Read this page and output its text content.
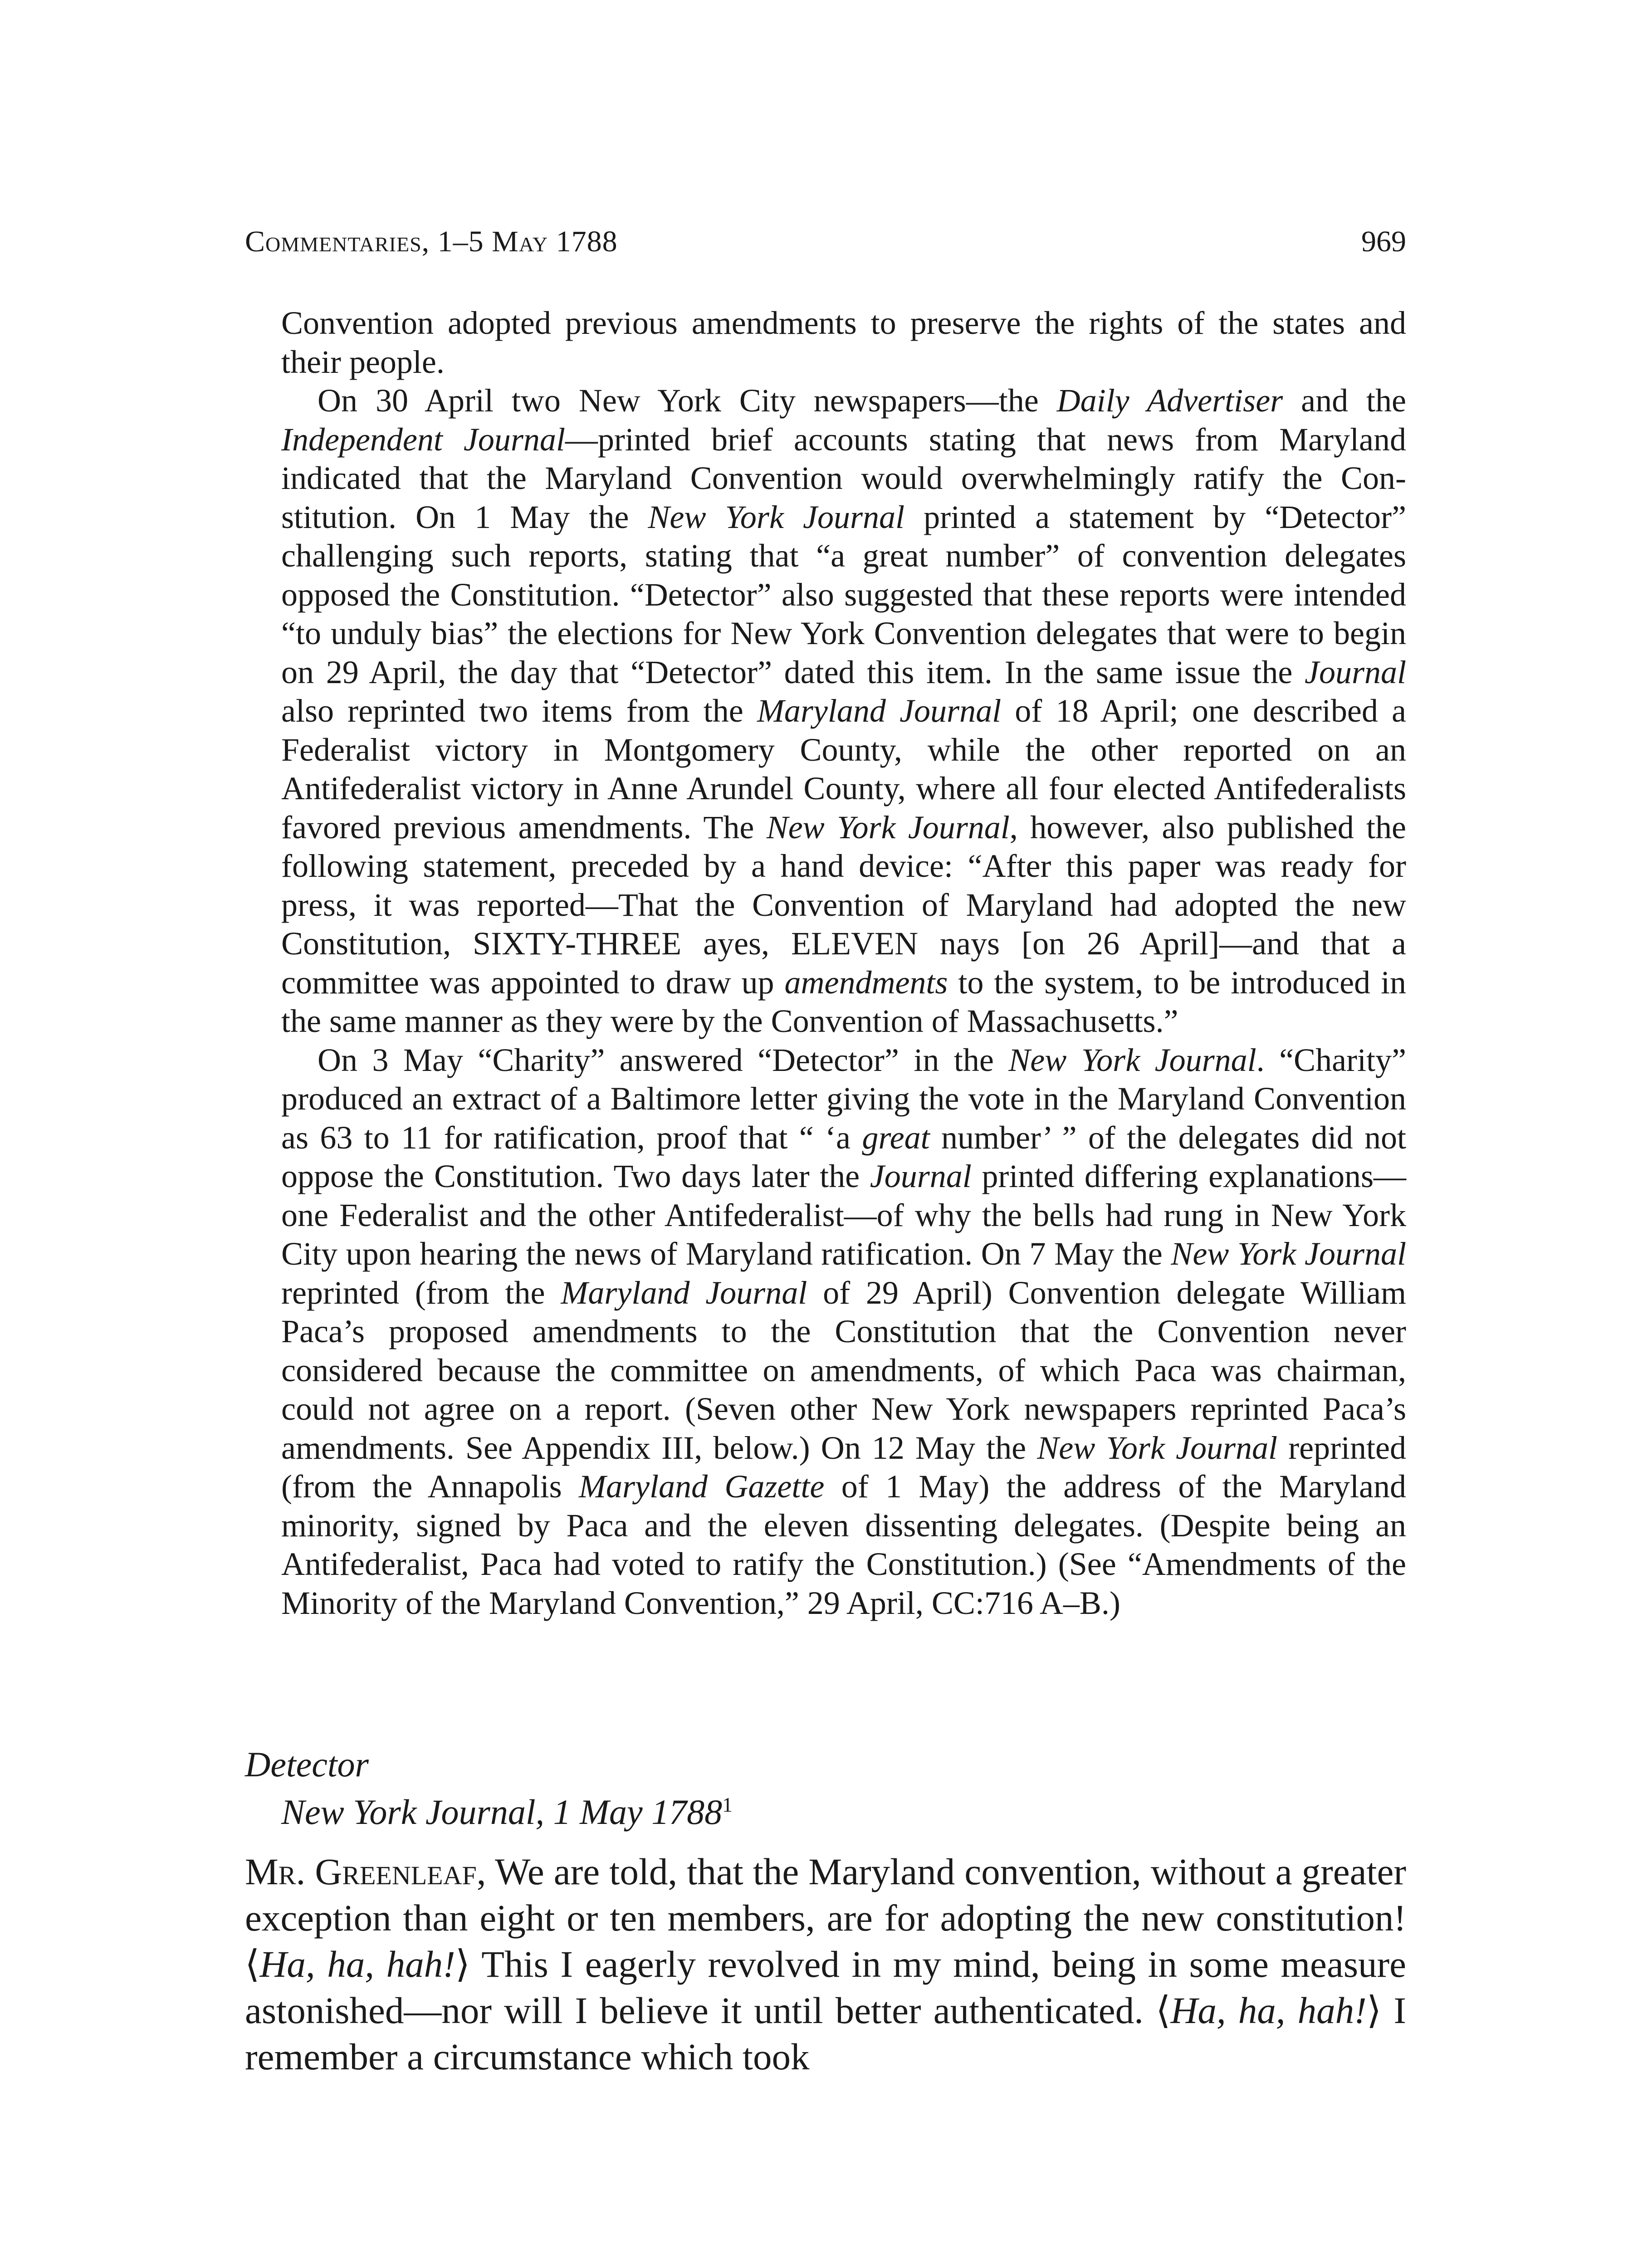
Commentaries, 1–5 May 1788	969

Convention adopted previous amendments to preserve the rights of the states and their people.

On 30 April two New York City newspapers—the Daily Advertiser and the Independent Journal—printed brief accounts stating that news from Maryland indicated that the Maryland Convention would overwhelmingly ratify the Constitution. On 1 May the New York Journal printed a statement by “Detector” challenging such reports, stating that “a great number” of convention delegates opposed the Constitution. “Detector” also suggested that these reports were intended “to unduly bias” the elections for New York Convention delegates that were to begin on 29 April, the day that “Detector” dated this item. In the same issue the Journal also reprinted two items from the Maryland Journal of 18 April; one described a Federalist victory in Montgomery County, while the other reported on an Antifederalist victory in Anne Arundel County, where all four elected Antifederalists favored previous amendments. The New York Journal, however, also published the following statement, preceded by a hand device: “After this paper was ready for press, it was reported—That the Convention of Maryland had adopted the new Constitution, SIXTY-THREE ayes, ELEVEN nays [on 26 April]—and that a committee was appointed to draw up amendments to the system, to be introduced in the same manner as they were by the Convention of Massachusetts.”

On 3 May “Charity” answered “Detector” in the New York Journal. “Charity” produced an extract of a Baltimore letter giving the vote in the Maryland Convention as 63 to 11 for ratification, proof that “ ‘a great number’ ” of the delegates did not oppose the Constitution. Two days later the Journal printed differing explanations—one Federalist and the other Antifederalist—of why the bells had rung in New York City upon hearing the news of Maryland ratification. On 7 May the New York Journal reprinted (from the Maryland Journal of 29 April) Convention delegate William Paca’s proposed amendments to the Constitution that the Convention never considered because the committee on amendments, of which Paca was chairman, could not agree on a report. (Seven other New York newspapers reprinted Paca’s amendments. See Appendix III, below.) On 12 May the New York Journal reprinted (from the Annapolis Maryland Gazette of 1 May) the address of the Maryland minority, signed by Paca and the eleven dissenting delegates. (Despite being an Antifederalist, Paca had voted to ratify the Constitution.) (See “Amendments of the Minority of the Maryland Convention,” 29 April, CC:716 A–B.)

Detector
New York Journal, 1 May 1788$^1$

Mr. Greenleaf, We are told, that the Maryland convention, without a greater exception than eight or ten members, are for adopting the new constitution! ⟨Ha, ha, hah!⟩ This I eagerly revolved in my mind, being in some measure astonished—nor will I believe it until better authenticated. ⟨Ha, ha, hah!⟩ I remember a circumstance which took
